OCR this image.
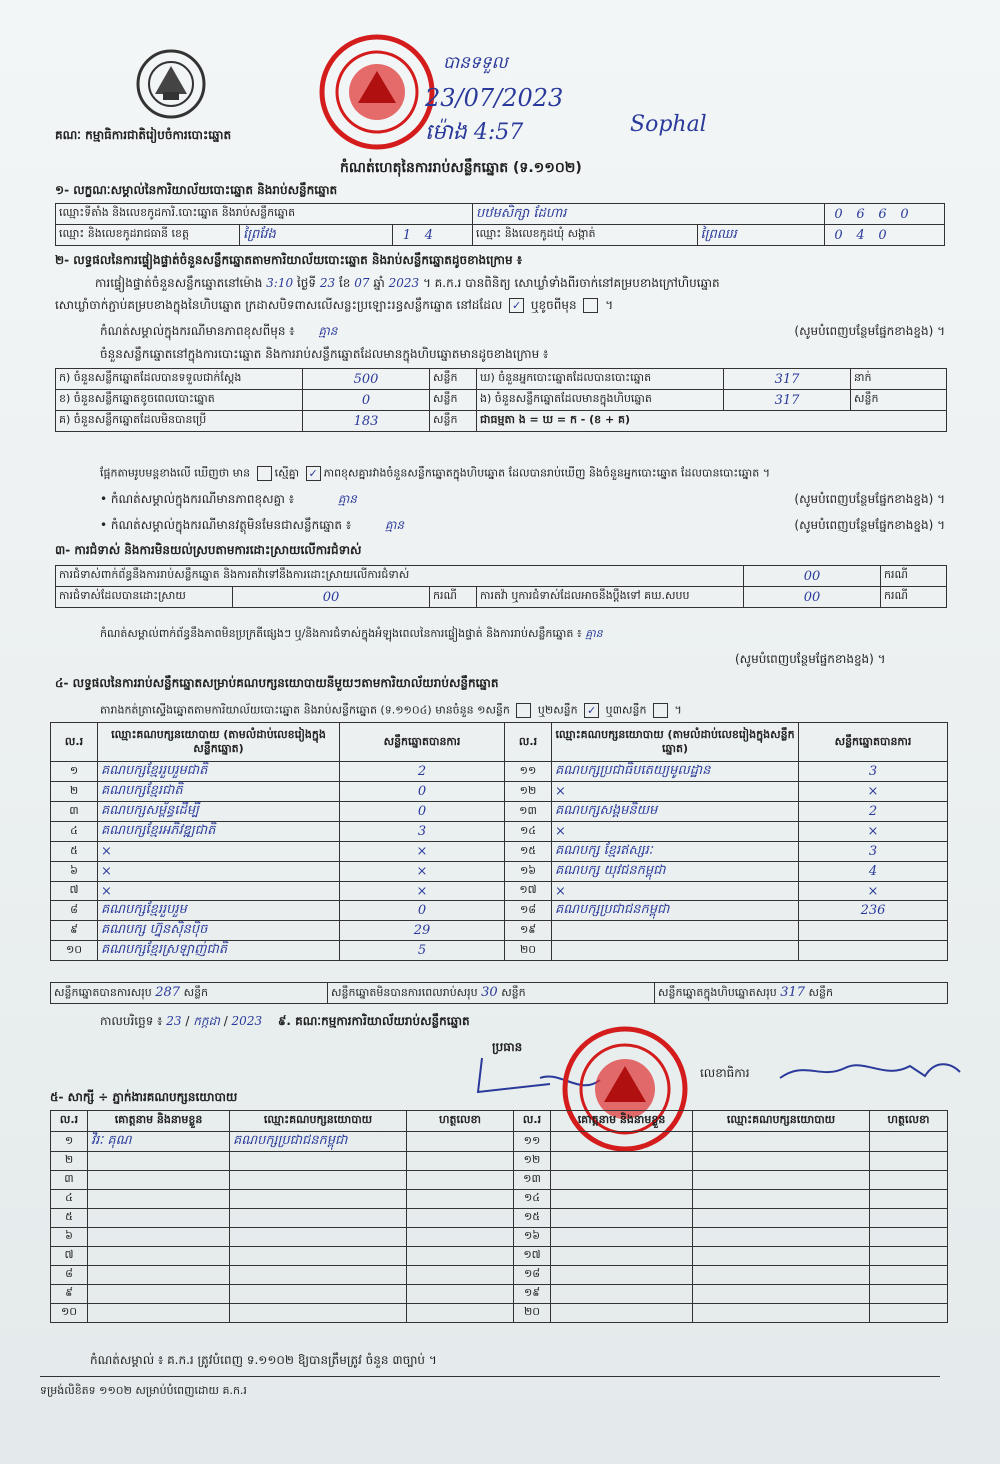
គណៈ កម្មាធិការជាតិរៀបចំការបោះឆ្នោត
បានទទួល
23/07/2023
ម៉ោង 4:57	Sophal
កំណត់ហេតុនៃការរាប់សន្លឹកឆ្នោត (ទ.១១០២)
១- លក្ខណៈសម្គាល់នៃការិយាល័យបោះឆ្នោត និងរាប់សន្លឹកឆ្នោត
ឈ្មោះទីតាំង និងលេខកូដការិ.បោះឆ្នោត និងរាប់សន្លឹកឆ្នោត			បឋមសិក្សា ដែហារ		0 6 6 0
ឈ្មោះ និងលេខកូដរាជធានី ខេត្ត	ព្រៃវែង	1 4	ឈ្មោះ និងលេខកូដឃុំ សង្កាត់	ព្រៃឈរ	0 4 0
២- លទ្ធផលនៃការផ្ទៀងផ្ទាត់ចំនួនសន្លឹកឆ្នោតតាមការិយាល័យបោះឆ្នោត និងរាប់សន្លឹកឆ្នោតដូចខាងក្រោម ៖
ការផ្ទៀងផ្ទាត់ចំនួនសន្លឹកឆ្នោតនៅម៉ោង 3:10 ថ្ងៃទី 23 ខែ 07 ឆ្នាំ 2023 ។ គ.ក.រ បានពិនិត្យ សោឃ្លាំទាំងពីរចាក់នៅគម្របខាងក្រៅហិបឆ្នោត
សោឃ្លាំចាក់ភ្ជាប់គម្របខាងក្នុងនៃហិបឆ្នោត ក្រដាសបិទពាសលើសន្លះប្រឡោះរន្ធសន្លឹកឆ្នោត នៅដដែល ✓ ឬខូចពីមុន  ។
កំណត់សម្គាល់ក្នុងករណីមានភាពខុសពីមុន ៖ គ្មាន	(សូមបំពេញបន្ថែមផ្នែកខាងខ្នង) ។
ចំនួនសន្លឹកឆ្នោតនៅក្នុងការបោះឆ្នោត និងការរាប់សន្លឹកឆ្នោតដែលមានក្នុងហិបឆ្នោតមានដូចខាងក្រោម ៖
ក) ចំនួនសន្លឹកឆ្នោតដែលបានទទួលជាក់ស្ដែង	500	សន្លឹក	ឃ) ចំនួនអ្នកបោះឆ្នោតដែលបានបោះឆ្នោត	317	នាក់
ខ) ចំនួនសន្លឹកឆ្នោតខូចពេលបោះឆ្នោត	0	សន្លឹក	ង) ចំនួនសន្លឹកឆ្នោតដែលមានក្នុងហិបឆ្នោត	317	សន្លឹក
គ) ចំនួនសន្លឹកឆ្នោតដែលមិនបានប្រើ	183	សន្លឹក	ជាធម្មតា ង = ឃ = ក - (ខ + គ)		
ផ្អែកតាមរូបមន្តខាងលើ ឃើញថា មាន ស្មើគ្នា ✓ ភាពខុសគ្នារវាងចំនួនសន្លឹកឆ្នោតក្នុងហិបឆ្នោត ដែលបានរាប់ឃើញ និងចំនួនអ្នកបោះឆ្នោត ដែលបានបោះឆ្នោត ។
• កំណត់សម្គាល់ក្នុងករណីមានភាពខុសគ្នា ៖	គ្មាន	(សូមបំពេញបន្ថែមផ្នែកខាងខ្នង) ។
• កំណត់សម្គាល់ក្នុងករណីមានវត្ថុមិនមែនជាសន្លឹកឆ្នោត ៖	គ្មាន	(សូមបំពេញបន្ថែមផ្នែកខាងខ្នង) ។
៣- ការជំទាស់ និងការមិនយល់ស្របតាមការដោះស្រាយលើការជំទាស់
ការជំទាស់ពាក់ព័ន្ធនឹងការរាប់សន្លឹកឆ្នោត និងការតវ៉ាទៅនឹងការដោះស្រាយលើការជំទាស់				00	ករណី
ការជំទាស់ដែលបានដោះស្រាយ	00	ករណី	ការតវ៉ា ឬការជំទាស់ដែលអាចនឹងប្ដឹងទៅ គឃ.សបប	00	ករណី
កំណត់សម្គាល់ពាក់ព័ន្ធនឹងភាពមិនប្រក្រតីផ្សេងៗ ឬ/និងការជំទាស់ក្នុងអំឡុងពេលនៃការផ្ទៀងផ្ទាត់ និងការរាប់សន្លឹកឆ្នោត ៖ គ្មាន
(សូមបំពេញបន្ថែមផ្នែកខាងខ្នង) ។
៤- លទ្ធផលនៃការរាប់សន្លឹកឆ្នោតសម្រាប់គណបក្សនយោបាយនីមួយៗតាមការិយាល័យរាប់សន្លឹកឆ្នោត
តារាងកត់ត្រាស្ទើងឆ្នោតតាមការិយាល័យបោះឆ្នោត និងរាប់សន្លឹកឆ្នោត (ទ.១១០៤) មានចំនួន ១សន្លឹក	ឬ២សន្លឹក ✓ ឬ៣សន្លឹក  ។
ល.រ	ឈ្មោះគណបក្សនយោបាយ (តាមលំដាប់លេខរៀងក្នុងសន្លឹកឆ្នោត)	សន្លឹកឆ្នោតបានការ	ល.រ	ឈ្មោះគណបក្សនយោបាយ (តាមលំដាប់លេខរៀងក្នុងសន្លឹកឆ្នោត)	សន្លឹកឆ្នោតបានការ
១	គណបក្សខ្មែររួបរួមជាតិ	2	១១	គណបក្សប្រជាធិបតេយ្យមូលដ្ឋាន	3
២	គណបក្សខ្មែរជាតិ	0	១២	×	×
៣	គណបក្សសម្ព័ន្ធដើម្បី	0	១៣	គណបក្សសង្គមនិយម	2
៤	គណបក្សខ្មែរអភិវឌ្ឍជាតិ	3	១៤	×	×
៥	×	×	១៥	គណបក្ស ខ្មែរឥស្សរៈ	3
៦	×	×	១៦	គណបក្ស យុវជនកម្ពុជា	4
៧	×	×	១៧	×	×
៨	គណបក្សខ្មែររួបរួម	0	១៨	គណបក្សប្រជាជនកម្ពុជា	236
៩	គណបក្ស ហ្វ៊ុនស៊ិនប៉ិច	29	១៩		
១០	គណបក្សខ្មែរស្រឡាញ់ជាតិ	5	២០		
សន្លឹកឆ្នោតបានការសរុប 287 សន្លឹក	សន្លឹកឆ្នោតមិនបានការពេលរាប់សរុប 30 សន្លឹក	សន្លឹកឆ្នោតក្នុងហិបឆ្នោតសរុប 317 សន្លឹក
កាលបរិច្ឆេទ ៖ 23 / កក្កដា / 2023 ៩. គណៈកម្មការការិយាល័យរាប់សន្លឹកឆ្នោត
ប្រធាន
លេខាធិការ
៥- សាក្សី ÷ ភ្នាក់ងារគណបក្សនយោបាយ
ល.រ	គោត្តនាម និងនាមខ្លួន	ឈ្មោះគណបក្សនយោបាយ	ហត្ថលេខា	ល.រ	គោត្តនាម និងនាមខ្លួន	ឈ្មោះគណបក្សនយោបាយ	ហត្ថលេខា
១	វិរៈ គុណ	គណបក្សប្រជាជនកម្ពុជា		១១			
២				១២			
៣				១៣			
៤				១៤			
៥				១៥			
៦				១៦			
៧				១៧			
៨				១៨			
៩				១៩			
១០				២០			
កំណត់សម្គាល់ ៖ គ.ក.រ ត្រូវបំពេញ ទ.១១០២ ឱ្យបានត្រឹមត្រូវ ចំនួន ៣ច្បាប់ ។
ទម្រង់លិខិតទ ១១០២ សម្រាប់បំពេញដោយ គ.ក.រ
